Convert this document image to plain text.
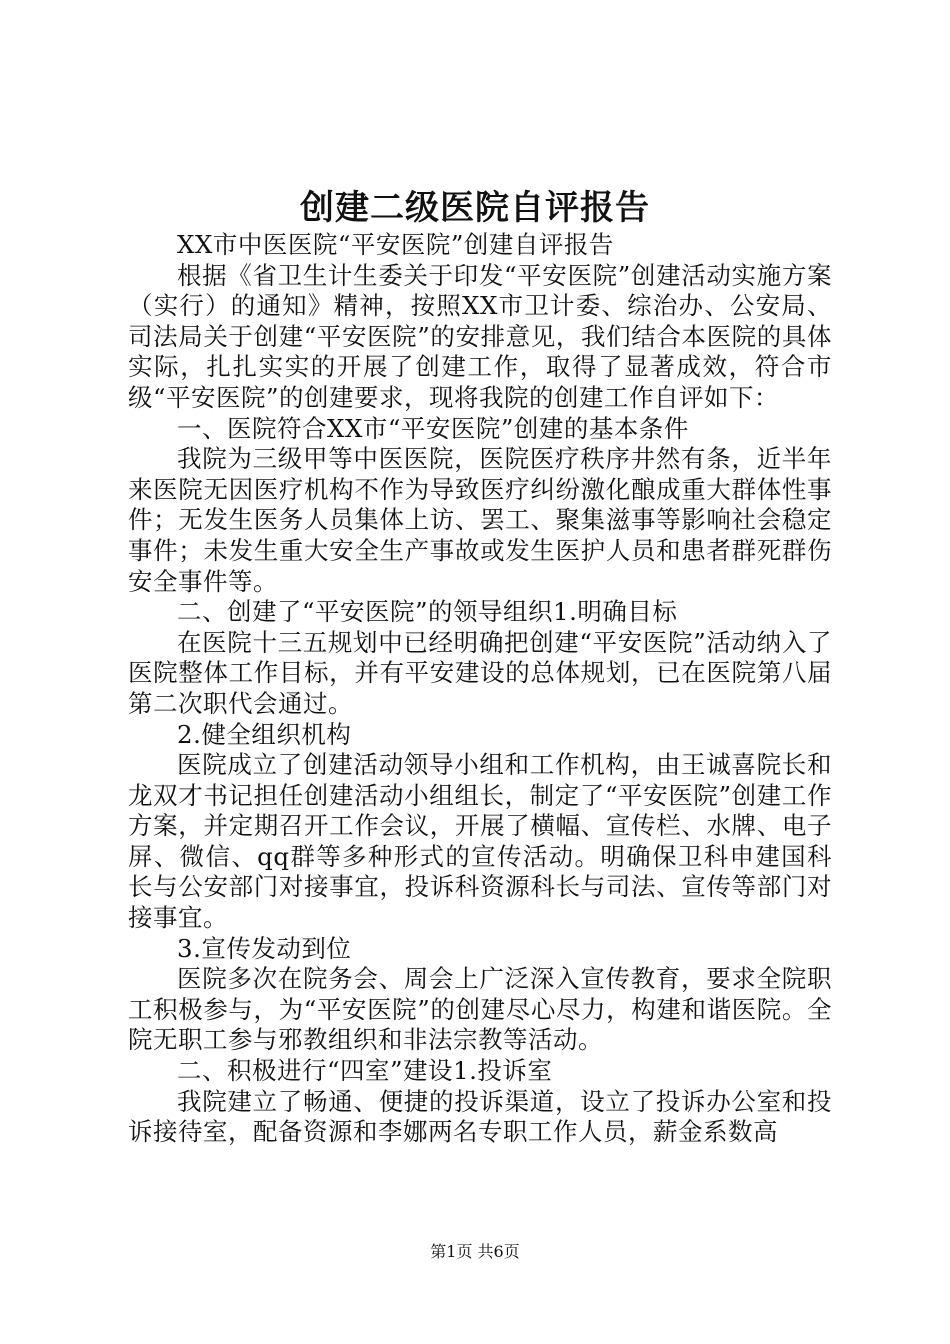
创建二级医院自评报告

XX市中医医院“平安医院”创建自评报告

根据《省卫生计生委关于印发“平安医院”创建活动实施方案（实行）的通知》精神，按照XX市卫计委、综治办、公安局、司法局关于创建“平安医院”的安排意见，我们结合本医院的具体实际，扎扎实实的开展了创建工作，取得了显著成效，符合市级“平安医院”的创建要求，现将我院的创建工作自评如下：

一、医院符合XX市“平安医院”创建的基本条件

我院为三级甲等中医医院，医院医疗秩序井然有条，近半年来医院无因医疗机构不作为导致医疗纠纷激化酿成重大群体性事件；无发生医务人员集体上访、罢工、聚集滋事等影响社会稳定事件；未发生重大安全生产事故或发生医护人员和患者群死群伤安全事件等。

二、创建了“平安医院”的领导组织1.明确目标

在医院十三五规划中已经明确把创建“平安医院”活动纳入了医院整体工作目标，并有平安建设的总体规划，已在医院第八届第二次职代会通过。

2.健全组织机构

医院成立了创建活动领导小组和工作机构，由王诚喜院长和龙双才书记担任创建活动小组组长，制定了“平安医院”创建工作方案，并定期召开工作会议，开展了横幅、宣传栏、水牌、电子屏、微信、qq群等多种形式的宣传活动。明确保卫科申建国科长与公安部门对接事宜，投诉科资源科长与司法、宣传等部门对接事宜。

3.宣传发动到位

医院多次在院务会、周会上广泛深入宣传教育，要求全院职工积极参与，为“平安医院”的创建尽心尽力，构建和谐医院。全院无职工参与邪教组织和非法宗教等活动。

二、积极进行“四室”建设1.投诉室

我院建立了畅通、便捷的投诉渠道，设立了投诉办公室和投诉接待室，配备资源和李娜两名专职工作人员，薪金系数高

第1页 共6页
